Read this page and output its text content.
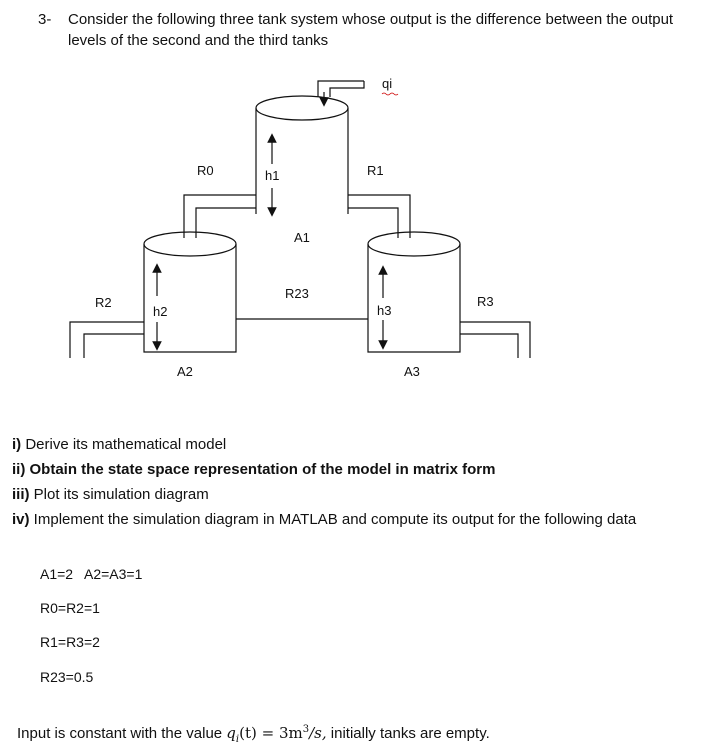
3- Consider the following three tank system whose output is the difference between the output
levels of the second and the third tanks
qi
R0	R1
h1
A1
R23
R2	R3
h2	h3
A2	A3
i) Derive its mathematical model
ii) Obtain the state space representation of the model in matrix form
iii) Plot its simulation diagram
iv) Implement the simulation diagram in MATLAB and compute its output for the following data
A1=2   A2=A3=1
R0=R2=1
R1=R3=2
R23=0.5
Input is constant with the value $q_i(t) = 3m^3/s$, initially tanks are empty.
